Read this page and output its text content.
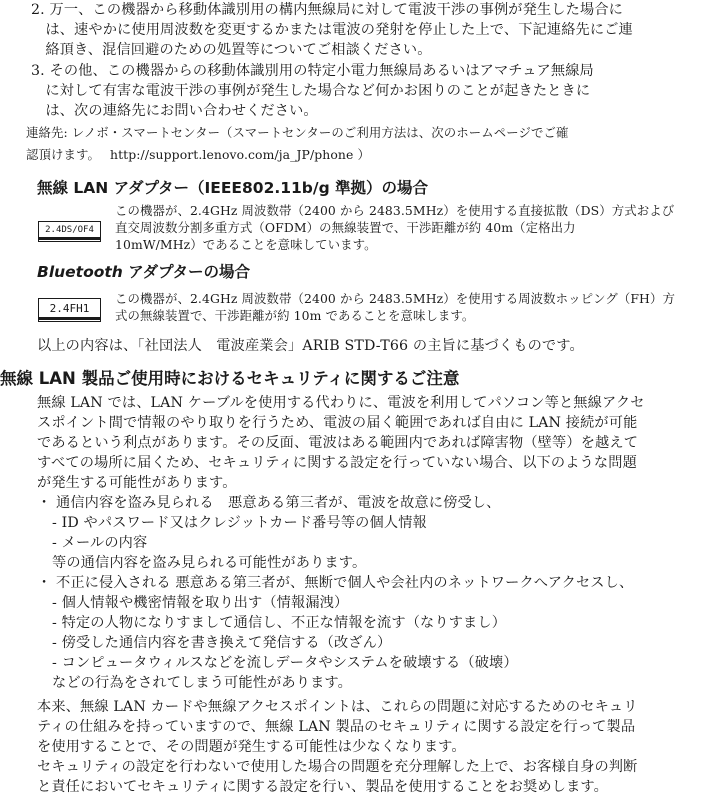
2. 万一、この機器から移動体識別用の構内無線局に対して電波干渉の事例が発生した場合に
　は、速やかに使用周波数を変更するかまたは電波の発射を停止した上で、下記連絡先にご連
　絡頂き、混信回避のための処置等についてご相談ください。
3. その他、この機器からの移動体識別用の特定小電力無線局あるいはアマチュア無線局
　に対して有害な電波干渉の事例が発生した場合など何かお困りのことが起きたときに
　は、次の連絡先にお問い合わせください。
連絡先: レノボ・スマートセンター（スマートセンターのご利用方法は、次のホームページでご確
認頂けます。 http://support.lenovo.com/ja_JP/phone ）
無線 LAN アダプター（IEEE802.11b/g 準拠）の場合
2.4DS/OF4
この機器が、2.4GHz 周波数帯（2400 から 2483.5MHz）を使用する直接拡散（DS）方式および
直交周波数分割多重方式（OFDM）の無線装置で、干渉距離が約 40m（定格出力
10mW/MHz）であることを意味しています。
Bluetooth アダプターの場合
2.4FH1
この機器が、2.4GHz 周波数帯（2400 から 2483.5MHz）を使用する周波数ホッピング（FH）方
式の無線装置で、干渉距離が約 10m であることを意味します。
以上の内容は、「社団法人　電波産業会」ARIB STD-T66 の主旨に基づくものです。
無線 LAN 製品ご使用時におけるセキュリティに関するご注意
無線 LAN では、LAN ケーブルを使用する代わりに、電波を利用してパソコン等と無線アクセ
スポイント間で情報のやり取りを行うため、電波の届く範囲であれば自由に LAN 接続が可能
であるという利点があります。その反面、電波はある範囲内であれば障害物（壁等）を越えて
すべての場所に届くため、セキュリティに関する設定を行っていない場合、以下のような問題
が発生する可能性があります。
・ 通信内容を盗み見られる　悪意ある第三者が、電波を故意に傍受し、
- ID やパスワード又はクレジットカード番号等の個人情報
- メールの内容
等の通信内容を盗み見られる可能性があります。
・ 不正に侵入される 悪意ある第三者が、無断で個人や会社内のネットワークへアクセスし、
- 個人情報や機密情報を取り出す（情報漏洩）
- 特定の人物になりすまして通信し、不正な情報を流す（なりすまし）
- 傍受した通信内容を書き換えて発信する（改ざん）
- コンピュータウィルスなどを流しデータやシステムを破壊する（破壊）
などの行為をされてしまう可能性があります。
本来、無線 LAN カードや無線アクセスポイントは、これらの問題に対応するためのセキュリ
ティの仕組みを持っていますので、無線 LAN 製品のセキュリティに関する設定を行って製品
を使用することで、その問題が発生する可能性は少なくなります。
セキュリティの設定を行わないで使用した場合の問題を充分理解した上で、お客様自身の判断
と責任においてセキュリティに関する設定を行い、製品を使用することをお奨めします。
